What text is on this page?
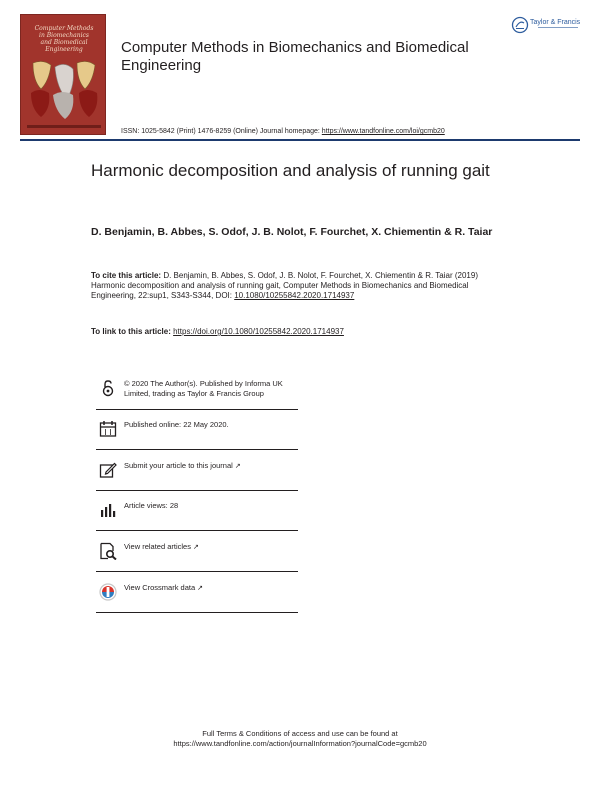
Computer Methods
in Biomechanics
and Biomedical
Engineering	Computer Methods in Biomechanics and Biomedical Engineering
Taylor & Francis
ISSN: 1025-5842 (Print) 1476-8259 (Online) Journal homepage: https://www.tandfonline.com/loi/gcmb20
Harmonic decomposition and analysis of running gait
D. Benjamin, B. Abbes, S. Odof, J. B. Nolot, F. Fourchet, X. Chiementin & R. Taiar
To cite this article: D. Benjamin, B. Abbes, S. Odof, J. B. Nolot, F. Fourchet, X. Chiementin & R. Taiar (2019) Harmonic decomposition and analysis of running gait, Computer Methods in Biomechanics and Biomedical Engineering, 22:sup1, S343-S344, DOI: 10.1080/10255842.2020.1714937
To link to this article: https://doi.org/10.1080/10255842.2020.1714937
© 2020 The Author(s). Published by Informa UK Limited, trading as Taylor & Francis Group
Published online: 22 May 2020.
Submit your article to this journal ↗
Article views: 28
View related articles ↗
View Crossmark data ↗
Full Terms & Conditions of access and use can be found at
https://www.tandfonline.com/action/journalInformation?journalCode=gcmb20
